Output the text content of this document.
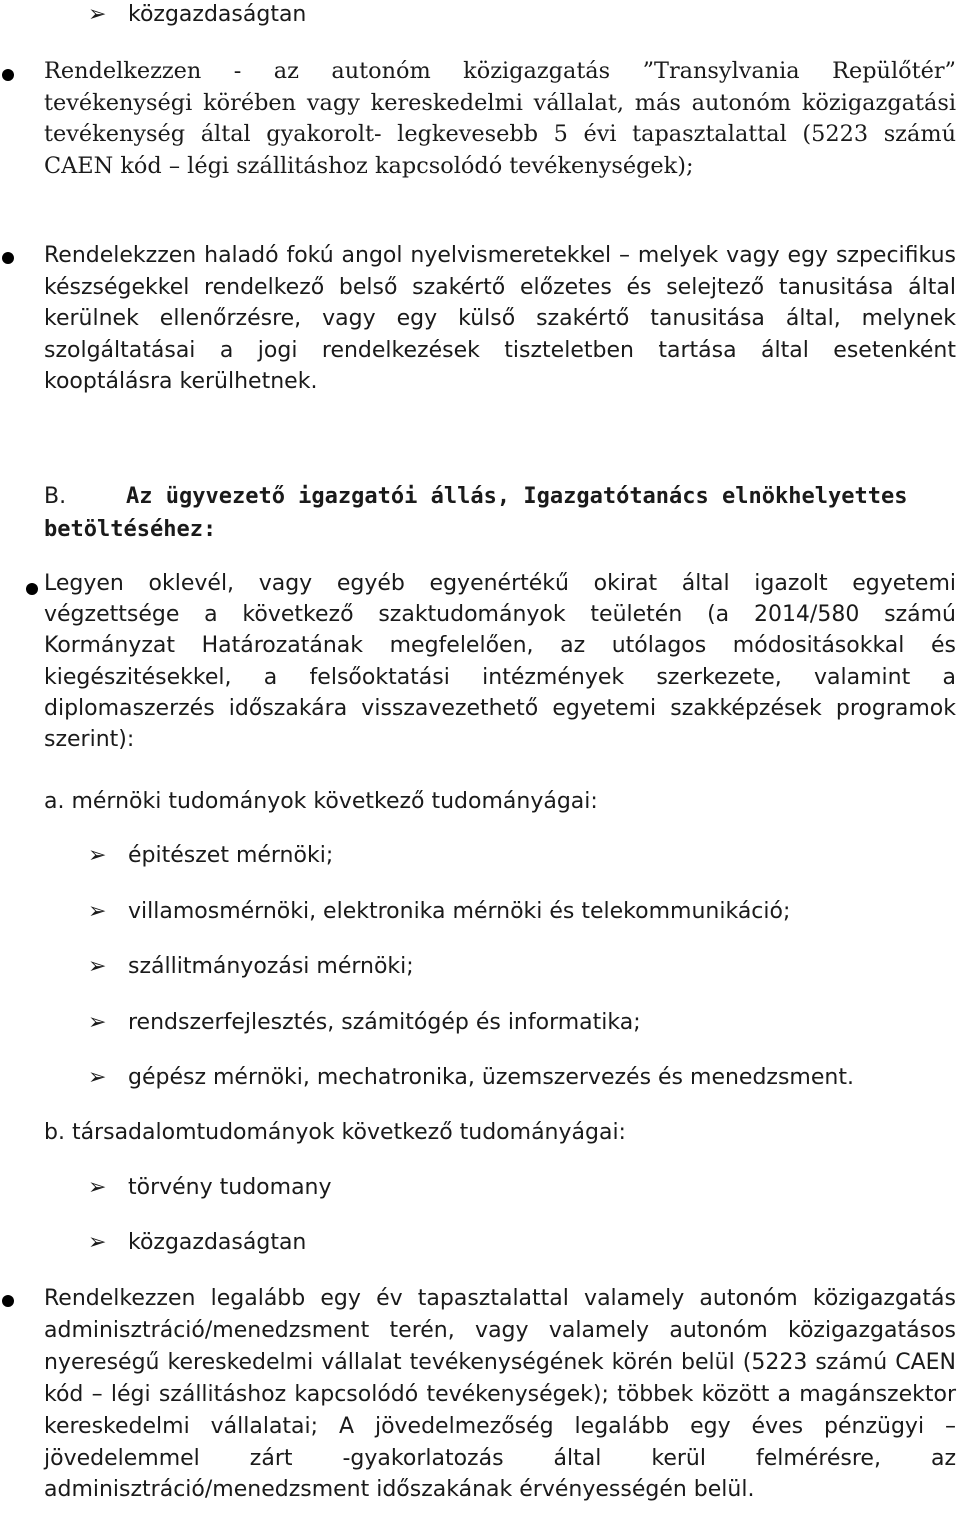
➢ közgazdaságtan

Rendelkezzen - az autonóm közigazgatás ”Transylvania Repülőtér” tevékenységi körében vagy kereskedelmi vállalat, más autonóm közigazgatási tevékenység által gyakorolt- legkevesebb 5 évi tapasztalattal (5223 számú CAEN kód – légi szállitáshoz kapcsolódó tevékenységek);

Rendelekzzen haladó fokú angol nyelvismeretekkel – melyek vagy egy szpecifikus készségekkel rendelkező belső szakértő előzetes és selejtező tanusitása által kerülnek ellenőrzésre, vagy egy külső szakértő tanusitása által, melynek szolgáltatásai a jogi rendelkezések tiszteletben tartása által esetenként kooptálásra kerülhetnek.

B.	Az ügyvezető igazgatói állás, Igazgatótanács elnökhelyettes betöltéséhez:

Legyen oklevél, vagy egyéb egyenértékű okirat által igazolt egyetemi végzettsége a következő szaktudományok teületén (a 2014/580 számú Kormányzat Határozatának megfelelően, az utólagos módositásokkal és kiegészitésekkel, a felsőoktatási intézmények szerkezete, valamint a diplomaszerzés időszakára visszavezethető egyetemi szakképzések programok szerint):

a. mérnöki tudományok következő tudományágai:
➢ épitészet mérnöki;
➢ villamosmérnöki, elektronika mérnöki és telekommunikáció;
➢ szállitmányozási mérnöki;
➢ rendszerfejlesztés, számitógép és informatika;
➢ gépész mérnöki, mechatronika, üzemszervezés és menedzsment.
b. társadalomtudományok következő tudományágai:
➢ törvény tudomany
➢ közgazdaságtan

Rendelkezzen legalább egy év tapasztalattal valamely autonóm közigazgatás adminisztráció/menedzsment terén, vagy valamely autonóm közigazgatásos nyereségű kereskedelmi vállalat tevékenységének körén belül (5223 számú CAEN kód – légi szállitáshoz kapcsolódó tevékenységek); többek között a magánszektor kereskedelmi vállalatai; A jövedelmezőség legalább egy éves pénzügyi – jövedelemmel zárt -gyakorlatozás által kerül felmérésre, az adminisztráció/menedzsment időszakának érvényességén belül.
